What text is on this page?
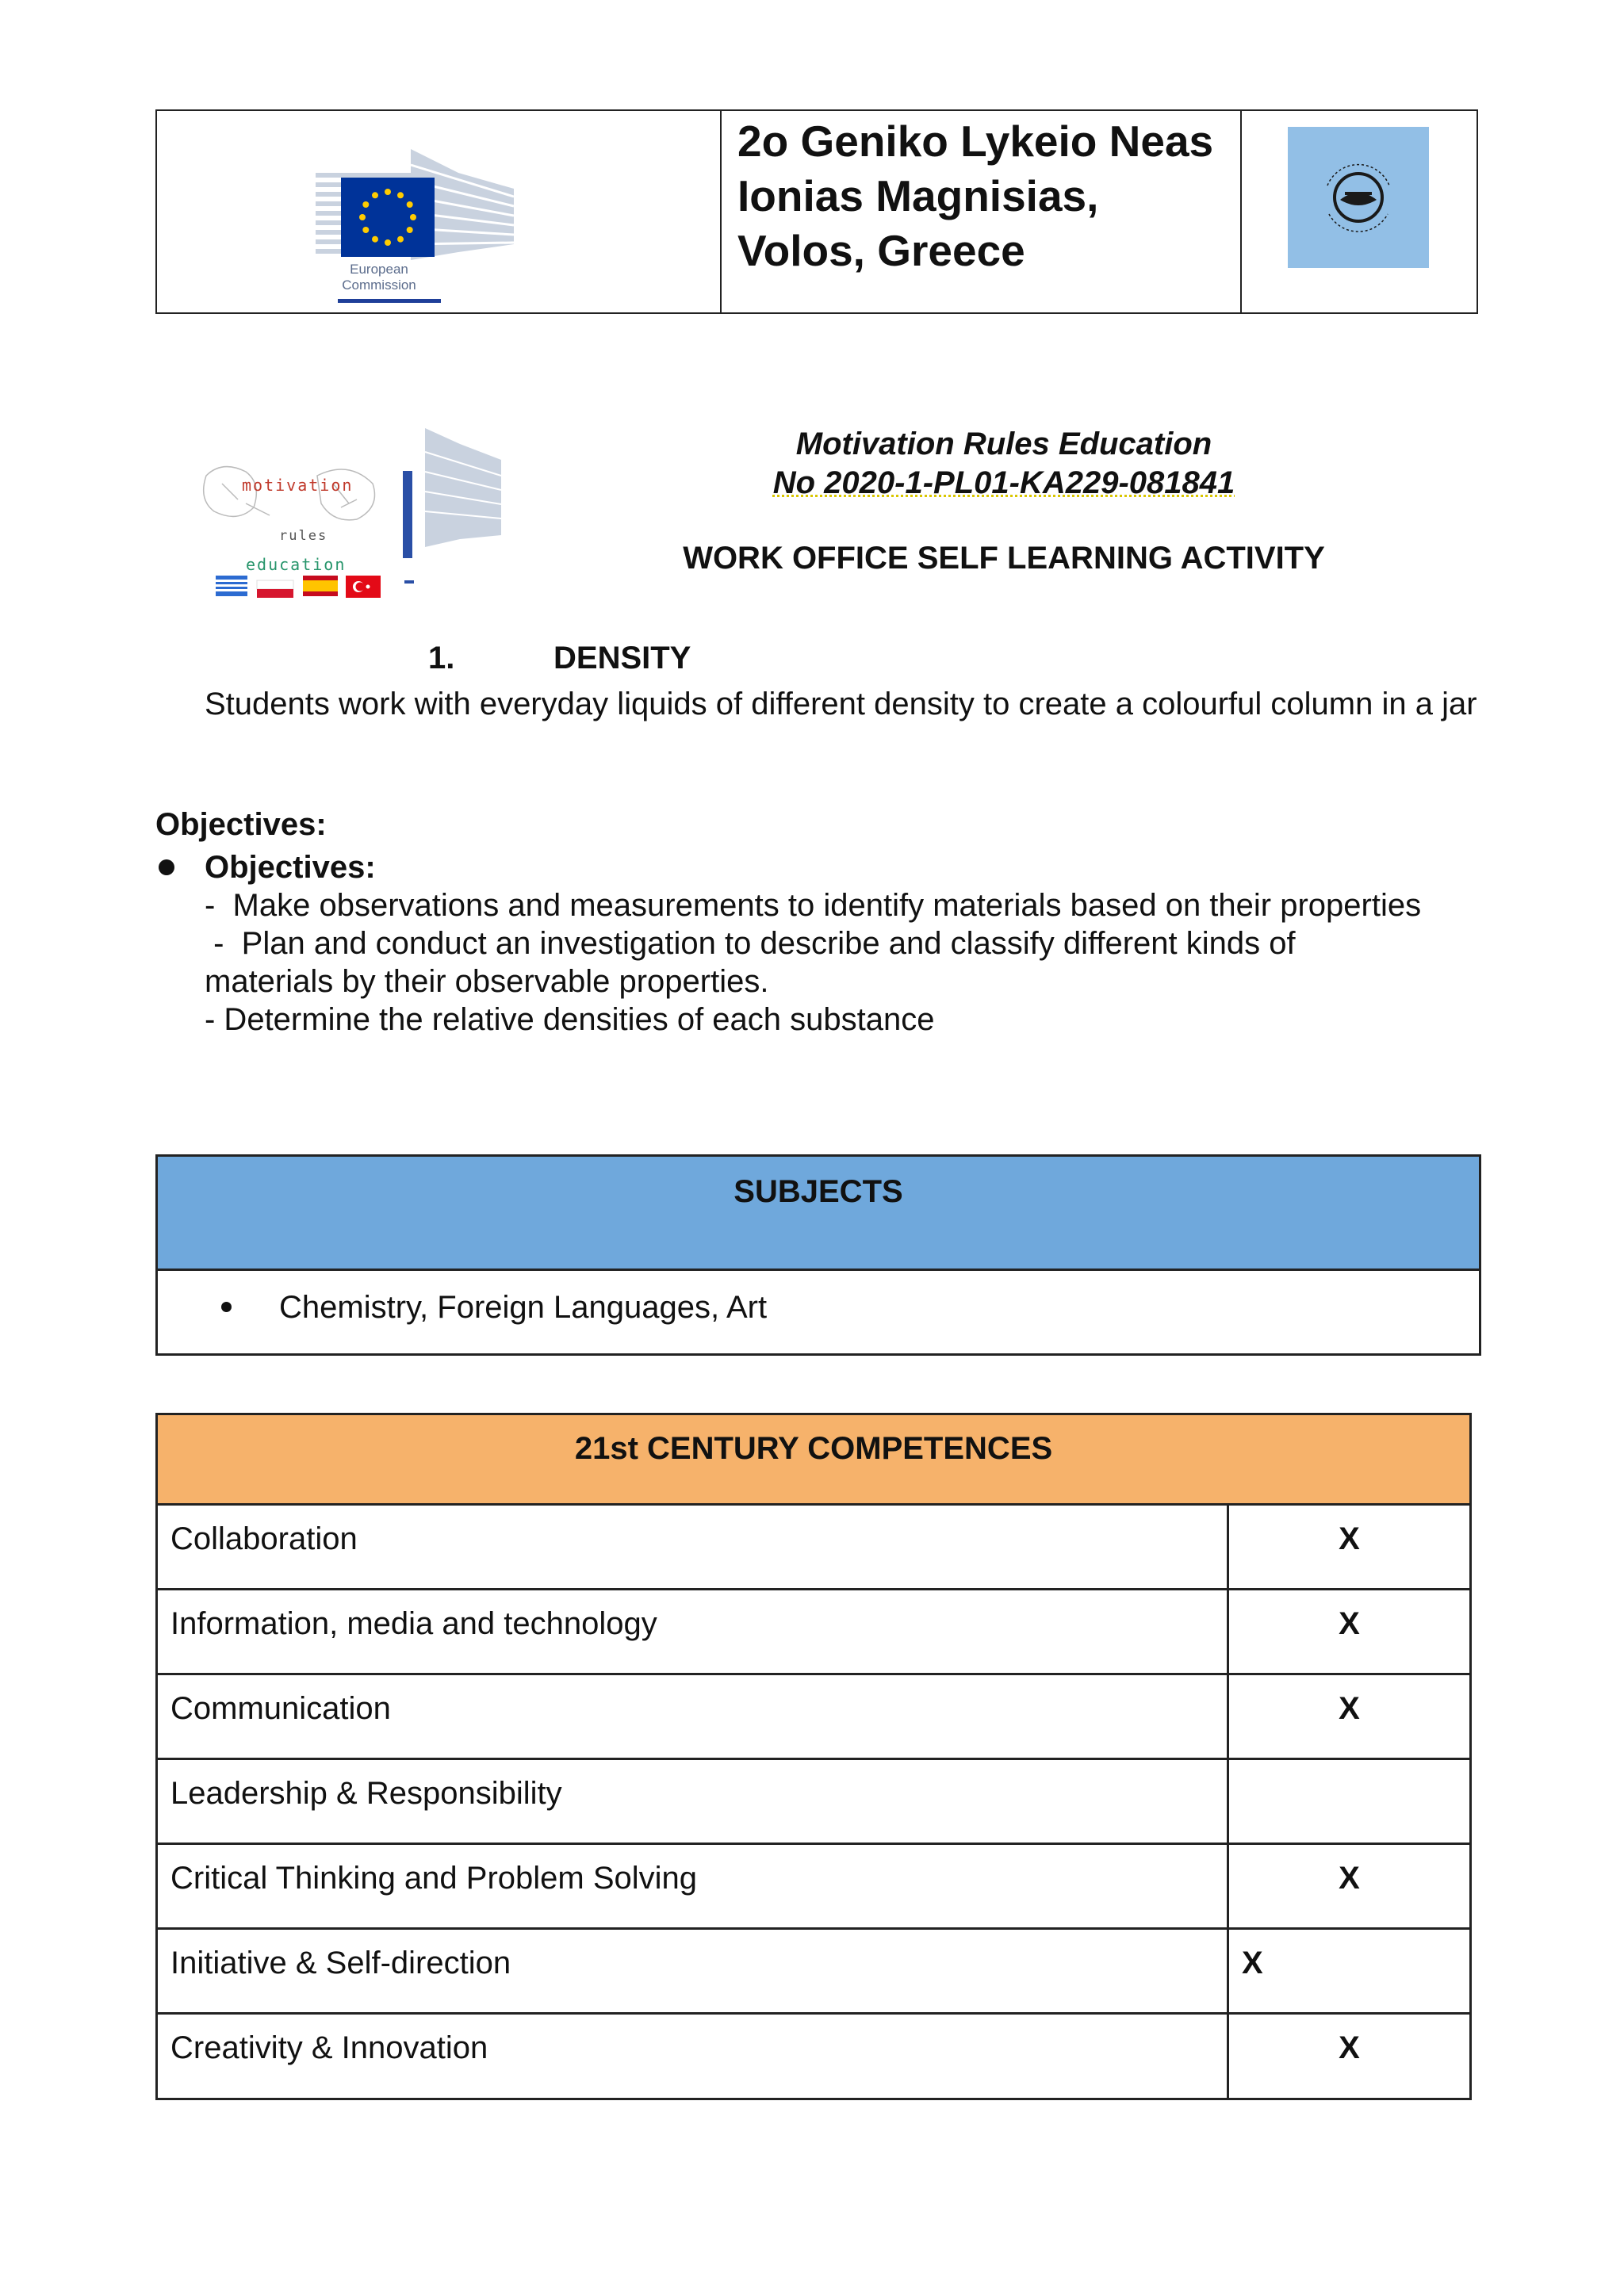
European
Commission
2o Geniko Lykeio Neas
Ionias Magnisias,
Volos, Greece
motivation
rules
education
Motivation Rules Education
No 2020-1-PL01-KA229-081841
WORK OFFICE SELF LEARNING ACTIVITY
1.	DENSITY
Students work with everyday liquids of different density to create a colourful column in a jar
Objectives:
Objectives:
-  Make observations and measurements to identify materials based on their properties
-  Plan and conduct an investigation to describe and classify different kinds of
materials by their observable properties.
- Determine the relative densities of each substance
SUBJECTS
Chemistry, Foreign Languages, Art
21st CENTURY COMPETENCES
Collaboration	X
Information, media and technology	X
Communication	X
Leadership & Responsibility
Critical Thinking and Problem Solving	X
Initiative & Self-direction	X
Creativity & Innovation	X
